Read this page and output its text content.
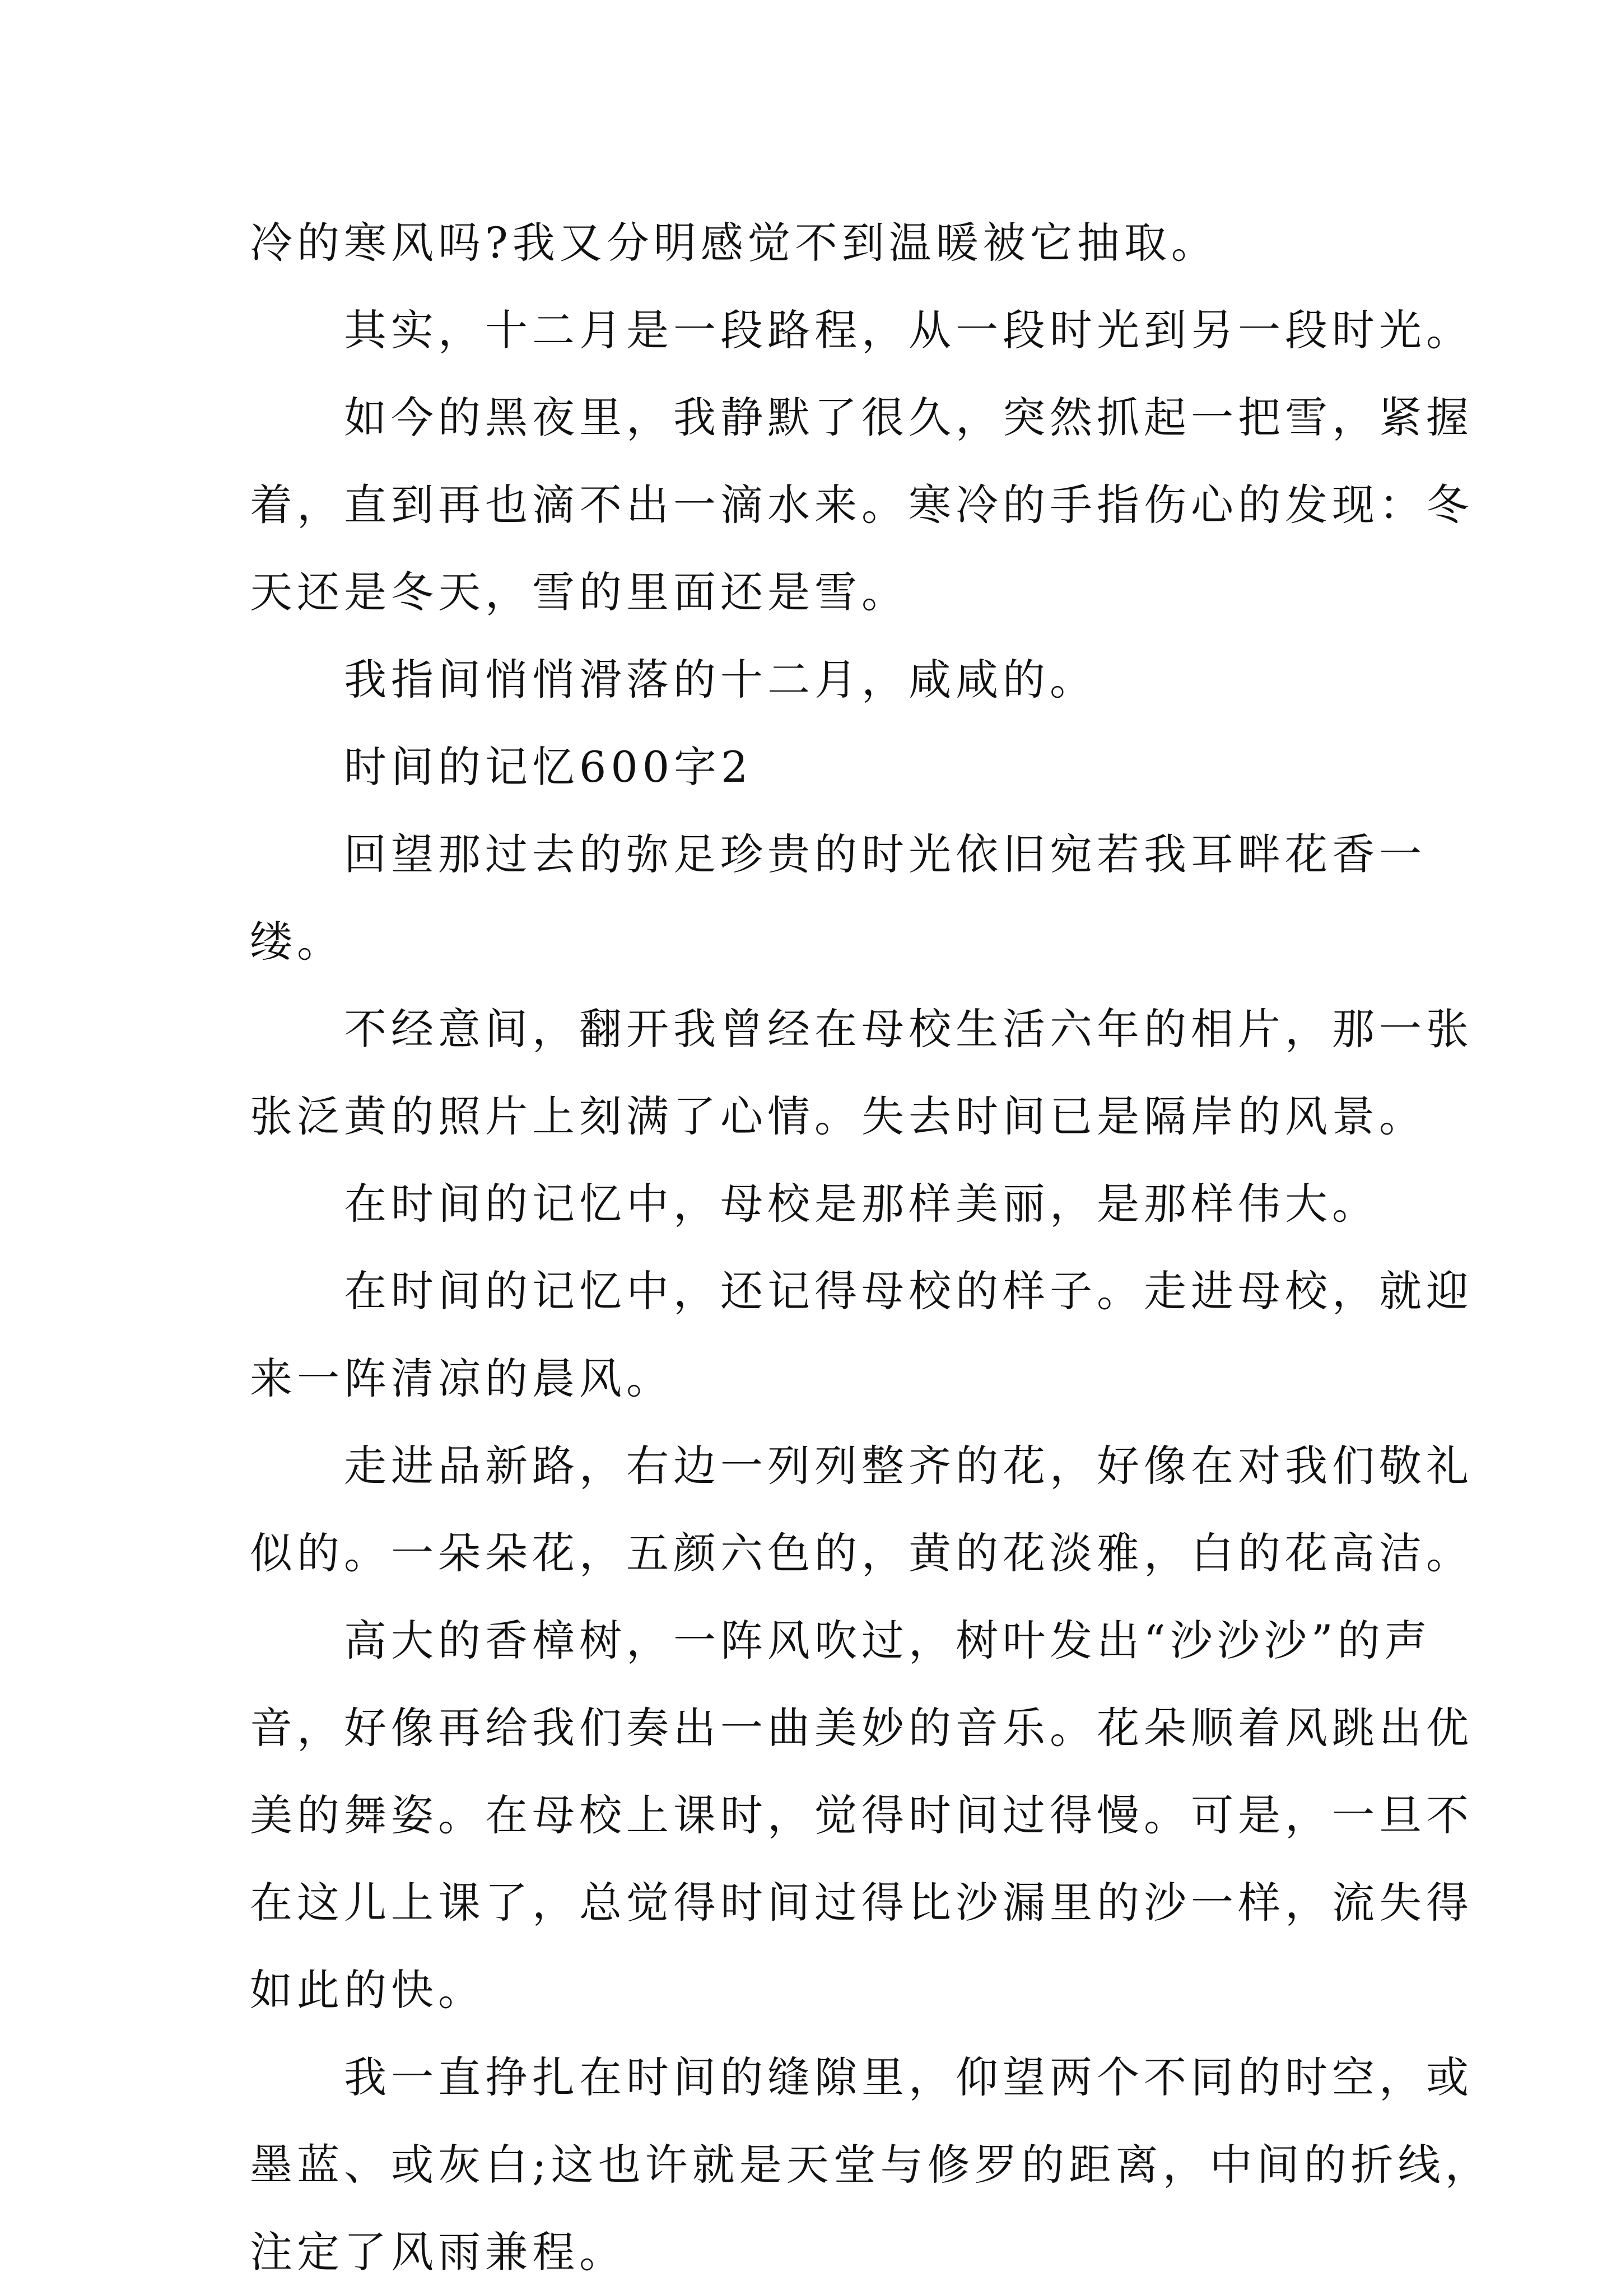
冷的寒风吗?我又分明感觉不到温暖被它抽取。
　　其实，十二月是一段路程，从一段时光到另一段时光。
　　如今的黑夜里，我静默了很久，突然抓起一把雪，紧握
着，直到再也滴不出一滴水来。寒冷的手指伤心的发现：冬
天还是冬天，雪的里面还是雪。
　　我指间悄悄滑落的十二月，咸咸的。
　　时间的记忆600字2
　　回望那过去的弥足珍贵的时光依旧宛若我耳畔花香一
缕。
　　不经意间，翻开我曾经在母校生活六年的相片，那一张
张泛黄的照片上刻满了心情。失去时间已是隔岸的风景。
　　在时间的记忆中，母校是那样美丽，是那样伟大。
　　在时间的记忆中，还记得母校的样子。走进母校，就迎
来一阵清凉的晨风。
　　走进品新路，右边一列列整齐的花，好像在对我们敬礼
似的。一朵朵花，五颜六色的，黄的花淡雅，白的花高洁。
　　高大的香樟树，一阵风吹过，树叶发出“沙沙沙”的声
音，好像再给我们奏出一曲美妙的音乐。花朵顺着风跳出优
美的舞姿。在母校上课时，觉得时间过得慢。可是，一旦不
在这儿上课了，总觉得时间过得比沙漏里的沙一样，流失得
如此的快。
　　我一直挣扎在时间的缝隙里，仰望两个不同的时空，或
墨蓝、或灰白;这也许就是天堂与修罗的距离，中间的折线，
注定了风雨兼程。
